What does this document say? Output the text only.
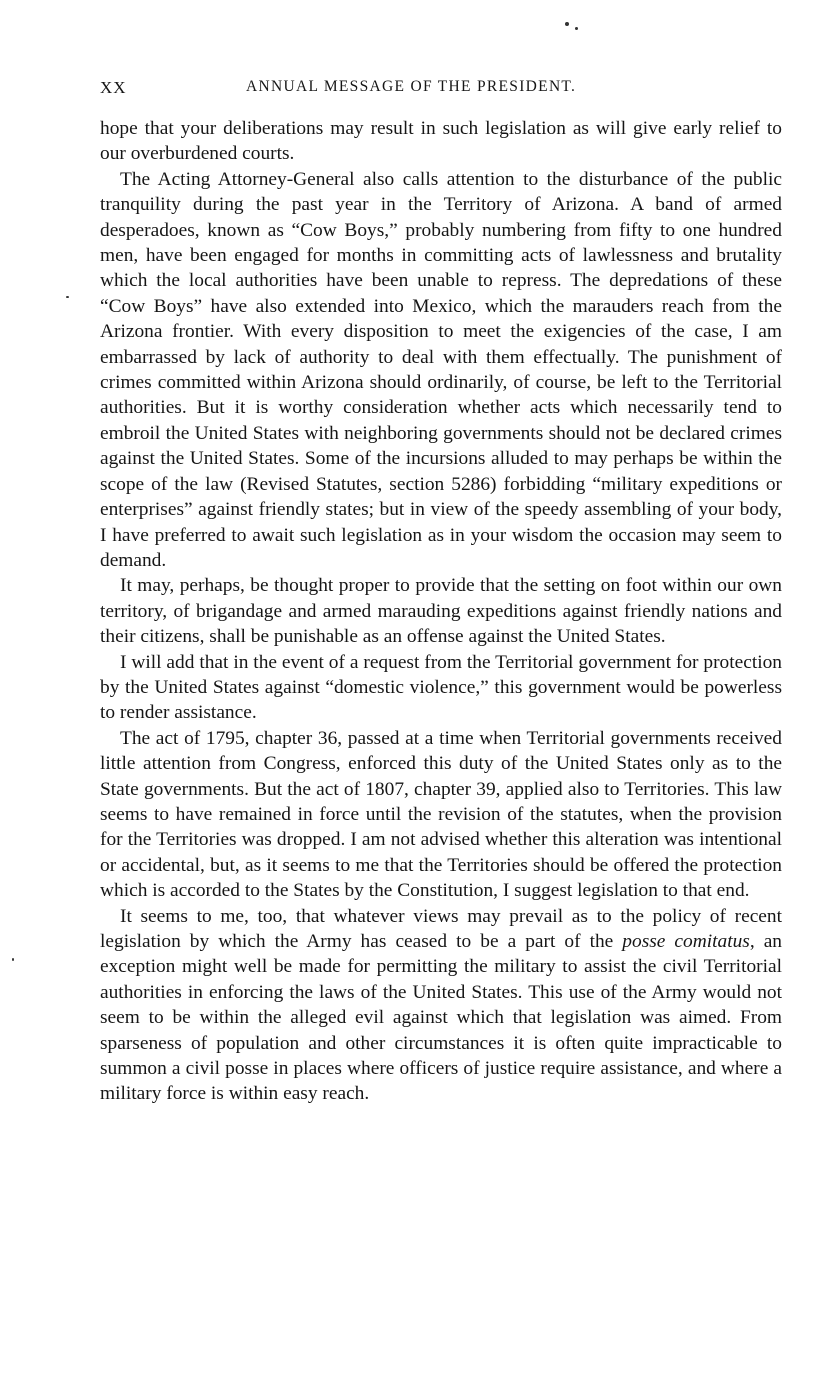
XX	ANNUAL MESSAGE OF THE PRESIDENT.

hope that your deliberations may result in such legislation as will give early relief to our overburdened courts.

The Acting Attorney-General also calls attention to the disturbance of the public tranquility during the past year in the Territory of Arizona. A band of armed desperadoes, known as “Cow Boys,” probably numbering from fifty to one hundred men, have been engaged for months in committing acts of lawlessness and brutality which the local authorities have been unable to repress. The depredations of these “Cow Boys” have also extended into Mexico, which the marauders reach from the Arizona frontier. With every disposition to meet the exigencies of the case, I am embarrassed by lack of authority to deal with them effectually. The punishment of crimes committed within Arizona should ordinarily, of course, be left to the Territorial authorities. But it is worthy consideration whether acts which necessarily tend to embroil the United States with neighboring governments should not be declared crimes against the United States. Some of the incursions alluded to may perhaps be within the scope of the law (Revised Statutes, section 5286) forbidding “military expeditions or enterprises” against friendly states; but in view of the speedy assembling of your body, I have preferred to await such legislation as in your wisdom the occasion may seem to demand.

It may, perhaps, be thought proper to provide that the setting on foot within our own territory, of brigandage and armed marauding expeditions against friendly nations and their citizens, shall be punishable as an offense against the United States.

I will add that in the event of a request from the Territorial government for protection by the United States against “domestic violence,” this government would be powerless to render assistance.

The act of 1795, chapter 36, passed at a time when Territorial governments received little attention from Congress, enforced this duty of the United States only as to the State governments. But the act of 1807, chapter 39, applied also to Territories. This law seems to have remained in force until the revision of the statutes, when the provision for the Territories was dropped. I am not advised whether this alteration was intentional or accidental, but, as it seems to me that the Territories should be offered the protection which is accorded to the States by the Constitution, I suggest legislation to that end.

It seems to me, too, that whatever views may prevail as to the policy of recent legislation by which the Army has ceased to be a part of the posse comitatus, an exception might well be made for permitting the military to assist the civil Territorial authorities in enforcing the laws of the United States. This use of the Army would not seem to be within the alleged evil against which that legislation was aimed. From sparseness of population and other circumstances it is often quite impracticable to summon a civil posse in places where officers of justice require assistance, and where a military force is within easy reach.
